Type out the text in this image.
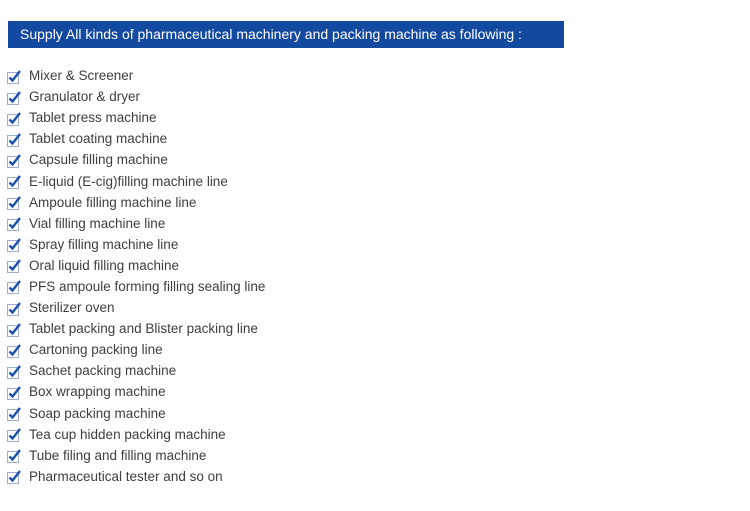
Supply All kinds of pharmaceutical machinery and packing machine as following :
Mixer & Screener
Granulator & dryer
Tablet press machine
Tablet coating machine
Capsule filling machine
E-liquid (E-cig)filling machine line
Ampoule filling machine line
Vial filling machine line
Spray filling machine line
Oral liquid filling machine
PFS ampoule forming filling sealing line
Sterilizer oven
Tablet packing and Blister packing line
Cartoning packing line
Sachet packing machine
Box wrapping machine
Soap packing machine
Tea cup hidden packing machine
Tube filing and filling machine
Pharmaceutical tester and so on
